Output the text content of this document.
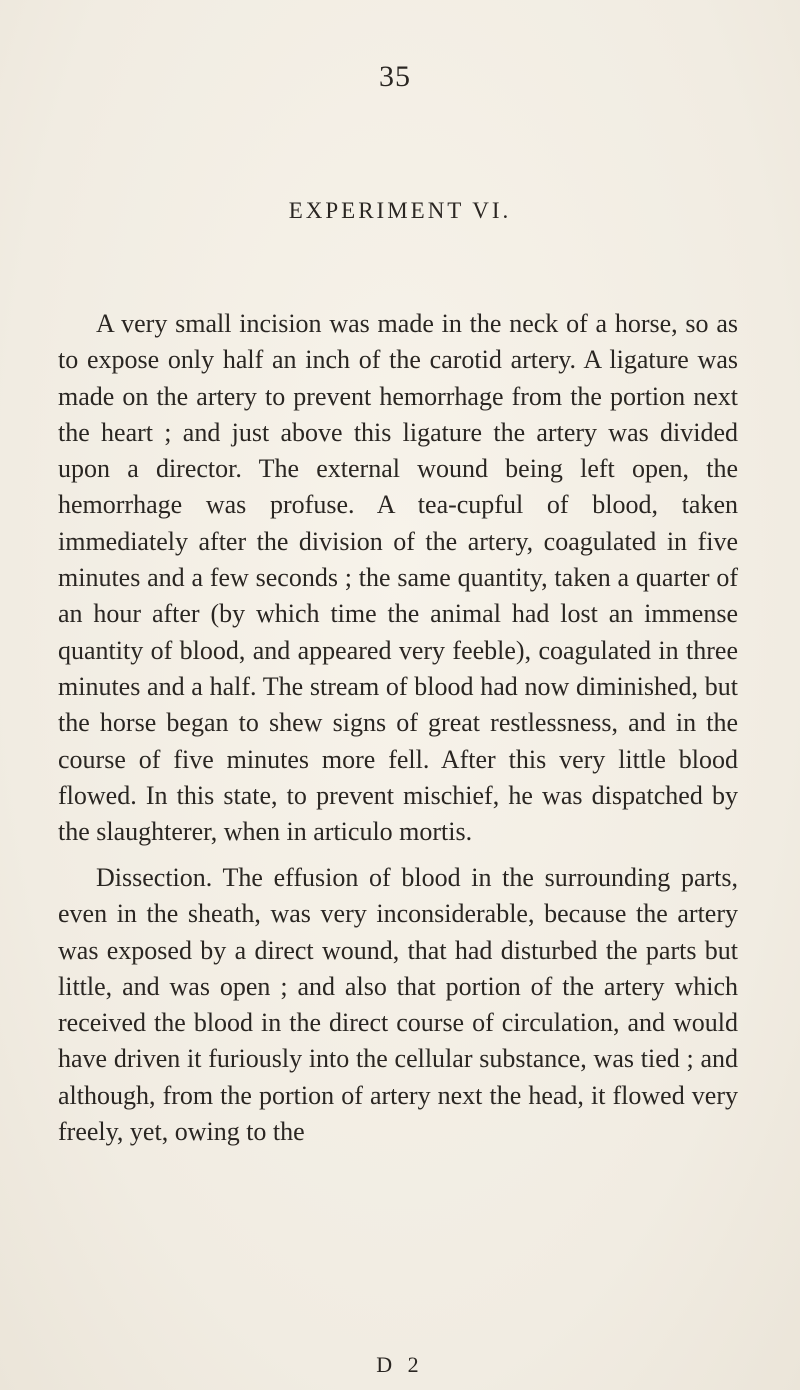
35
EXPERIMENT VI.

A very small incision was made in the neck of a horse, so as to expose only half an inch of the carotid artery. A ligature was made on the artery to prevent hemorrhage from the portion next the heart ; and just above this ligature the artery was divided upon a director. The external wound being left open, the hemorrhage was profuse. A tea-cupful of blood, taken immediately after the division of the artery, coagulated in five minutes and a few seconds ; the same quantity, taken a quarter of an hour after (by which time the animal had lost an immense quantity of blood, and appeared very feeble), coagulated in three minutes and a half. The stream of blood had now diminished, but the horse began to shew signs of great restlessness, and in the course of five minutes more fell. After this very little blood flowed. In this state, to prevent mischief, he was dispatched by the slaughterer, when in articulo mortis.

Dissection. The effusion of blood in the surrounding parts, even in the sheath, was very inconsiderable, because the artery was exposed by a direct wound, that had disturbed the parts but little, and was open ; and also that portion of the artery which received the blood in the direct course of circulation, and would have driven it furiously into the cellular substance, was tied ; and although, from the portion of artery next the head, it flowed very freely, yet, owing to the

D 2
